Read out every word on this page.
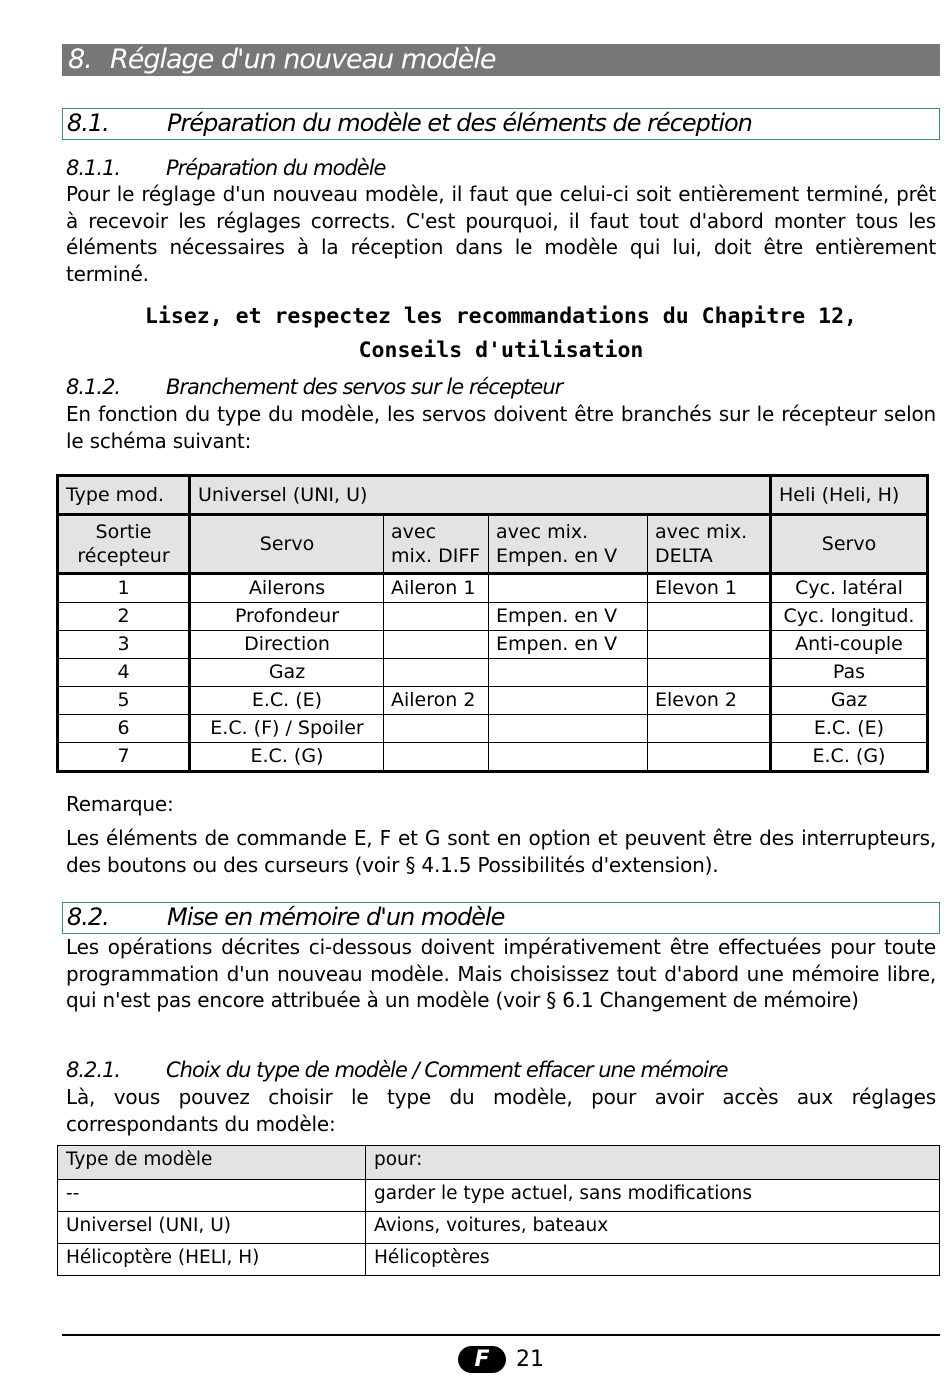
8. Réglage d'un nouveau modèle
8.1. Préparation du modèle et des éléments de réception
8.1.1. Préparation du modèle
Pour le réglage d'un nouveau modèle, il faut que celui-ci soit entièrement terminé, prêt à recevoir les réglages corrects. C'est pourquoi, il faut tout d'abord monter tous les éléments nécessaires à la réception dans le modèle qui lui, doit être entièrement terminé.
Lisez, et respectez les recommandations du Chapitre 12,
Conseils d'utilisation
8.1.2. Branchement des servos sur le récepteur
En fonction du type du modèle, les servos doivent être branchés sur le récepteur selon le schéma suivant:
Type mod.	Universel (UNI, U)				Heli (Heli, H)
Sortie récepteur	Servo	avec mix. DIFF	avec mix. Empen. en V	avec mix. DELTA	Servo
1	Ailerons	Aileron 1		Elevon 1	Cyc. latéral
2	Profondeur		Empen. en V		Cyc. longitud.
3	Direction		Empen. en V		Anti-couple
4	Gaz				Pas
5	E.C. (E)	Aileron 2		Elevon 2	Gaz
6	E.C. (F) / Spoiler				E.C. (E)
7	E.C. (G)				E.C. (G)
Remarque:
Les éléments de commande E, F et G sont en option et peuvent être des interrupteurs, des boutons ou des curseurs (voir § 4.1.5 Possibilités d'extension).
8.2. Mise en mémoire d'un modèle
Les opérations décrites ci-dessous doivent impérativement être effectuées pour toute programmation d'un nouveau modèle. Mais choisissez tout d'abord une mémoire libre, qui n'est pas encore attribuée à un modèle (voir § 6.1 Changement de mémoire)
8.2.1. Choix du type de modèle / Comment effacer une mémoire
Là, vous pouvez choisir le type du modèle, pour avoir accès aux réglages correspondants du modèle:
Type de modèle	pour:
--	garder le type actuel, sans modifications
Universel (UNI, U)	Avions, voitures, bateaux
Hélicoptère (HELI, H)	Hélicoptères
F	21
